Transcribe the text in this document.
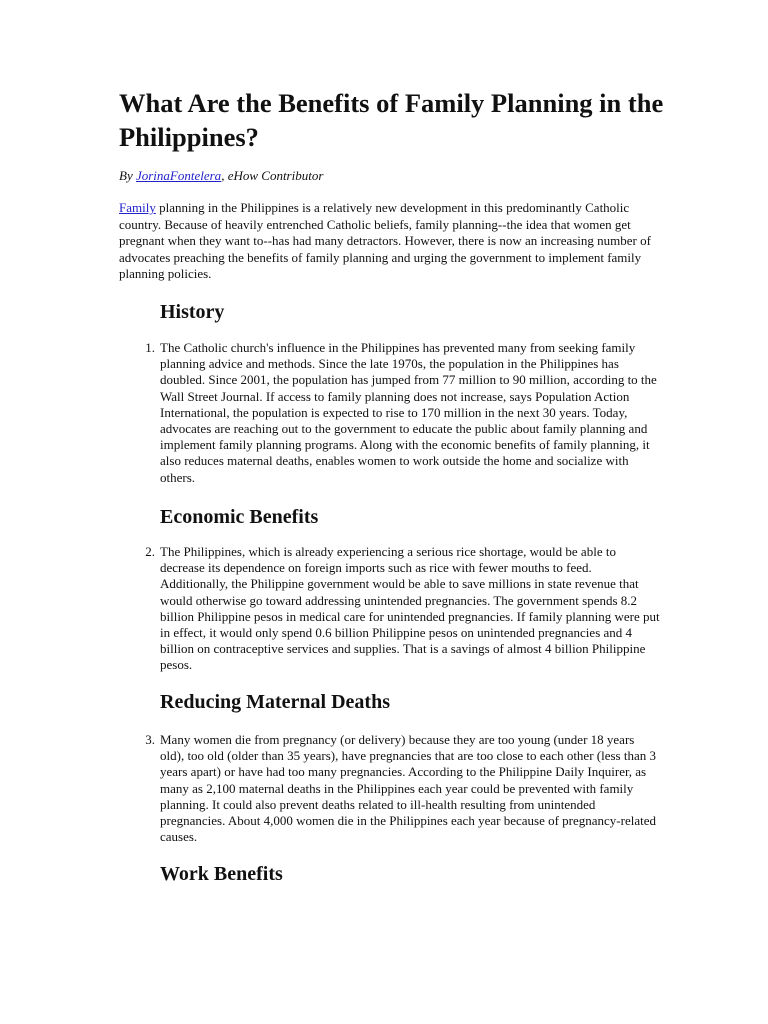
What Are the Benefits of Family Planning in the Philippines?
By JorinaFontelera, eHow Contributor

Family planning in the Philippines is a relatively new development in this predominantly Catholic country. Because of heavily entrenched Catholic beliefs, family planning--the idea that women get pregnant when they want to--has had many detractors. However, there is now an increasing number of advocates preaching the benefits of family planning and urging the government to implement family planning policies.

History
1. The Catholic church's influence in the Philippines has prevented many from seeking family planning advice and methods. Since the late 1970s, the population in the Philippines has doubled. Since 2001, the population has jumped from 77 million to 90 million, according to the Wall Street Journal. If access to family planning does not increase, says Population Action International, the population is expected to rise to 170 million in the next 30 years. Today, advocates are reaching out to the government to educate the public about family planning and implement family planning programs. Along with the economic benefits of family planning, it also reduces maternal deaths, enables women to work outside the home and socialize with others.
Economic Benefits
2. The Philippines, which is already experiencing a serious rice shortage, would be able to decrease its dependence on foreign imports such as rice with fewer mouths to feed. Additionally, the Philippine government would be able to save millions in state revenue that would otherwise go toward addressing unintended pregnancies. The government spends 8.2 billion Philippine pesos in medical care for unintended pregnancies. If family planning were put in effect, it would only spend 0.6 billion Philippine pesos on unintended pregnancies and 4 billion on contraceptive services and supplies. That is a savings of almost 4 billion Philippine pesos.
Reducing Maternal Deaths
3. Many women die from pregnancy (or delivery) because they are too young (under 18 years old), too old (older than 35 years), have pregnancies that are too close to each other (less than 3 years apart) or have had too many pregnancies. According to the Philippine Daily Inquirer, as many as 2,100 maternal deaths in the Philippines each year could be prevented with family planning. It could also prevent deaths related to ill-health resulting from unintended pregnancies. About 4,000 women die in the Philippines each year because of pregnancy-related causes.
Work Benefits
